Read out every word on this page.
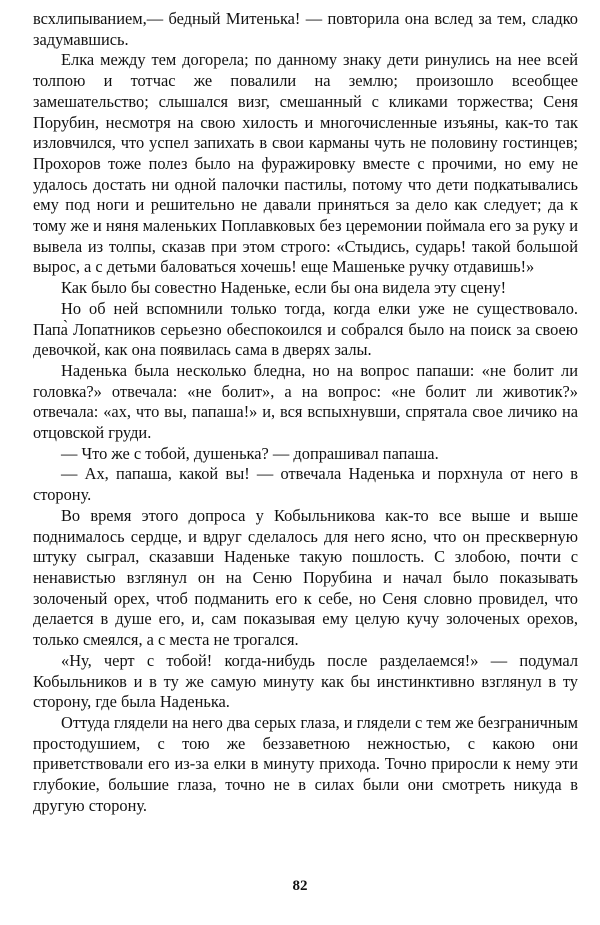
всхлипыванием,— бедный Митенька! — повторила она вслед за тем, сладко задумавшись.

Елка между тем догорела; по данному знаку дети ринулись на нее всей толпою и тотчас же повалили на землю; произошло всеобщее замешательство; слышался визг, смешанный с кликами торжества; Сеня Порубин, несмотря на свою хилость и многочисленные изъяны, как-то так изловчился, что успел запихать в свои карманы чуть не половину гостинцев; Прохоров тоже полез было на фуражировку вместе с прочими, но ему не удалось достать ни одной палочки пастилы, потому что дети подкатывались ему под ноги и решительно не давали приняться за дело как следует; да к тому же и няня маленьких Поплавковых без церемонии поймала его за руку и вывела из толпы, сказав при этом строго: «Стыдись, сударь! такой большой вырос, а с детьми баловаться хочешь! еще Машеньке ручку отдавишь!»

Как было бы совестно Наденьке, если бы она видела эту сцену!

Но об ней вспомнили только тогда, когда елки уже не существовало. Папа̀ Лопатников серьезно обеспокоился и собрался было на поиск за своею девочкой, как она появилась сама в дверях залы.

Наденька была несколько бледна, но на вопрос папаши: «не болит ли головка?» отвечала: «не болит», а на вопрос: «не болит ли животик?» отвечала: «ах, что вы, папаша!» и, вся вспыхнувши, спрятала свое личико на отцовской груди.

— Что же с тобой, душенька? — допрашивал папаша.

— Ах, папаша, какой вы! — отвечала Наденька и порхнула от него в сторону.

Во время этого допроса у Кобыльникова как-то все выше и выше поднималось сердце, и вдруг сделалось для него ясно, что он прескверную штуку сыграл, сказавши Наденьке такую пошлость. С злобою, почти с ненавистью взглянул он на Сеню Порубина и начал было показывать золоченый орех, чтоб подманить его к себе, но Сеня словно провидел, что делается в душе его, и, сам показывая ему целую кучу золоченых орехов, только смеялся, а с места не трогался.

«Ну, черт с тобой! когда-нибудь после разделаемся!» — подумал Кобыльников и в ту же самую минуту как бы инстинктивно взглянул в ту сторону, где была Наденька.

Оттуда глядели на него два серых глаза, и глядели с тем же безграничным простодушием, с тою же беззаветною нежностью, с какою они приветствовали его из-за елки в минуту прихода. Точно приросли к нему эти глубокие, большие глаза, точно не в силах были они смотреть никуда в другую сторону.

82
